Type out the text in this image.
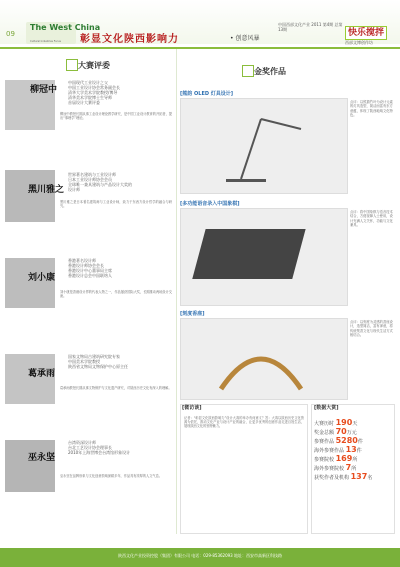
09
The West China
Cultural Industries Focus 彰显文化陕西影响力	• 创意风暴
中国西部文化产业 2011 第4期 总第13期	快乐搅拌
西部文博创作坊
大赛评委
金奖作品
柳冠中
中国现代工业设计之父
中国工业设计协会常务副会长
清华大学美术学院教授/博导
清华美术学院博士生导师
首届设计大赛评委
柳冠中教授长期从事工业设计理论教学研究，是中国工业设计教育的开拓者，提出“事理学”理论。
黑川雅之
世界著名建筑与工业设计师
日本工业设计师协会会员
全球唯一兼具建筑与产品设计大奖的设计师
黑川雅之是日本著名建筑师与工业设计师，致力于东西方设计哲学的融合与研究。
刘小康
香港著名设计师
香港设计师协会会长
香港设计中心董事局主席
香港设计总会中国联络人
刘小康是香港设计界的代表人物之一，作品屡获国际大奖，长期推动两地设计交流。
葛承雨
国家文物局古建筑研究院专家
中国美术学院教授
陕西省文物局文物保护中心原主任
葛承雨教授长期从事文物保护与文化遗产研究，对陕西历史文化有深入的理解。
巫永坚
台湾资深设计师
台北工艺设计协会理事长
2010年上海世博会台湾馆形象设计
巫永坚在品牌形象与文化创意领域深耕多年，作品具有浓厚的人文气息。
[熊韵 OLED 灯具设计]
点评：以熊猫竹叶为设计元素的灯具造型，简洁而富有东方意蕴，体现了陕西地域文化特色。
[多功能语音录入中国象棋]
点评：将中国象棋与语音技术结合，方便视障人士使用，设计充满人文关怀，功能与文化兼具。
[刻度香座]
点评：以刻度为灵感的香座设计，造型简洁，富有禅意，将传统焚香文化与现代生活方式相结合。
[微访谈]
记者：“彰显文化陕西影响力”设计大赛的举办有何意义？答：大赛以陕西历史文化资源为依托，推动文化产业与设计产业的融合，让更多优秀的创意作品走进百姓生活，展现陕西文化的独特魅力。
[数据大赏]
大赛历时 190天
奖金总额 70万元
参赛作品 5280件
海外参赛作品 13件
参赛院校 169所
海外参赛院校 7所
获奖作者及机构 137名
陕西文化产业投资控股（集团）有限公司 电话：029-85362093 地址：西安市高新区科技路
